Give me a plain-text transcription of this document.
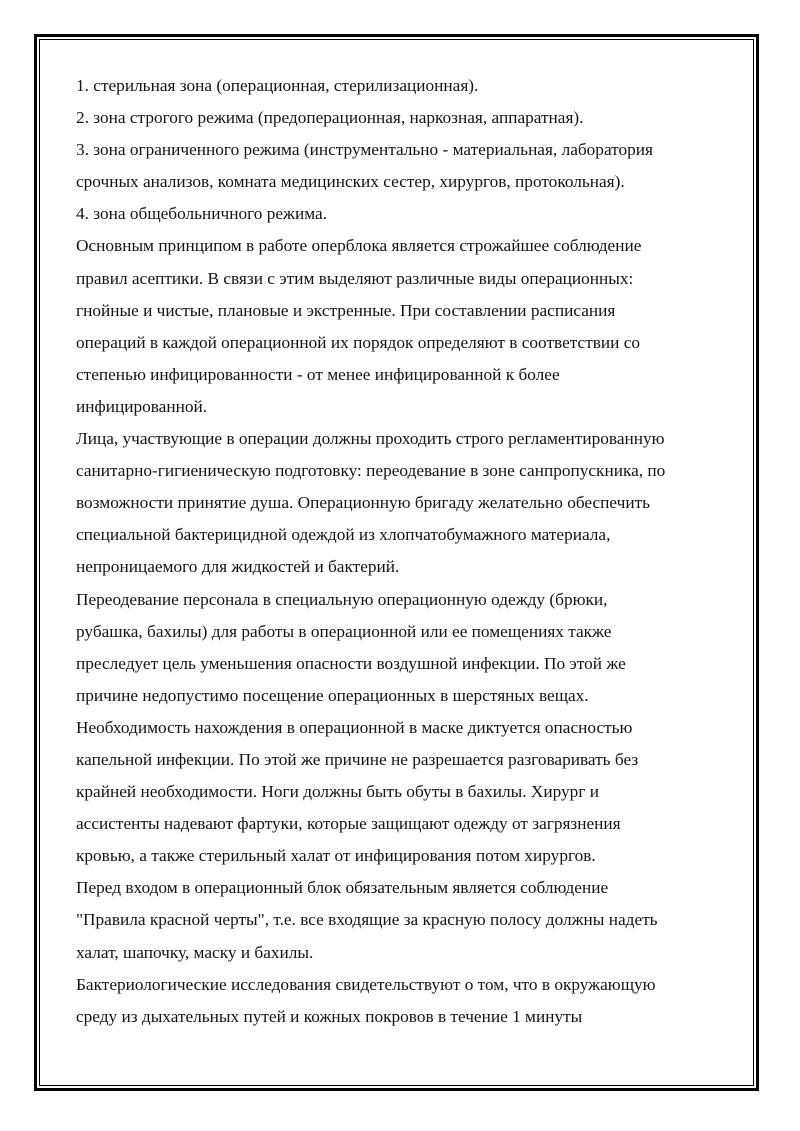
1. стерильная зона (операционная, стерилизационная).
2. зона строгого режима (предоперационная, наркозная, аппаратная).
3. зона ограниченного режима (инструментально - материальная, лаборатория
срочных анализов, комната медицинских сестер, хирургов, протокольная).
4. зона общебольничного режима.
Основным принципом в работе оперблока является строжайшее соблюдение
правил асептики. В связи с этим выделяют различные виды операционных:
гнойные и чистые, плановые и экстренные. При составлении расписания
операций в каждой операционной их порядок определяют в соответствии со
степенью инфицированности - от менее инфицированной к более
инфицированной.
Лица, участвующие в операции должны проходить строго регламентированную
санитарно-гигиеническую подготовку: переодевание в зоне санпропускника, по
возможности принятие душа. Операционную бригаду желательно обеспечить
специальной бактерицидной одеждой из хлопчатобумажного материала,
непроницаемого для жидкостей и бактерий.
Переодевание персонала в специальную операционную одежду (брюки,
рубашка, бахилы) для работы в операционной или ее помещениях также
преследует цель уменьшения опасности воздушной инфекции. По этой же
причине недопустимо посещение операционных в шерстяных вещах.
Необходимость нахождения в операционной в маске диктуется опасностью
капельной инфекции. По этой же причине не разрешается разговаривать без
крайней необходимости. Ноги должны быть обуты в бахилы. Хирург и
ассистенты надевают фартуки, которые защищают одежду от загрязнения
кровью, а также стерильный халат от инфицирования потом хирургов.
Перед входом в операционный блок обязательным является соблюдение
"Правила красной черты", т.е. все входящие за красную полосу должны надеть
халат, шапочку, маску и бахилы.
Бактериологические исследования свидетельствуют о том, что в окружающую
среду из дыхательных путей и кожных покровов в течение 1 минуты
